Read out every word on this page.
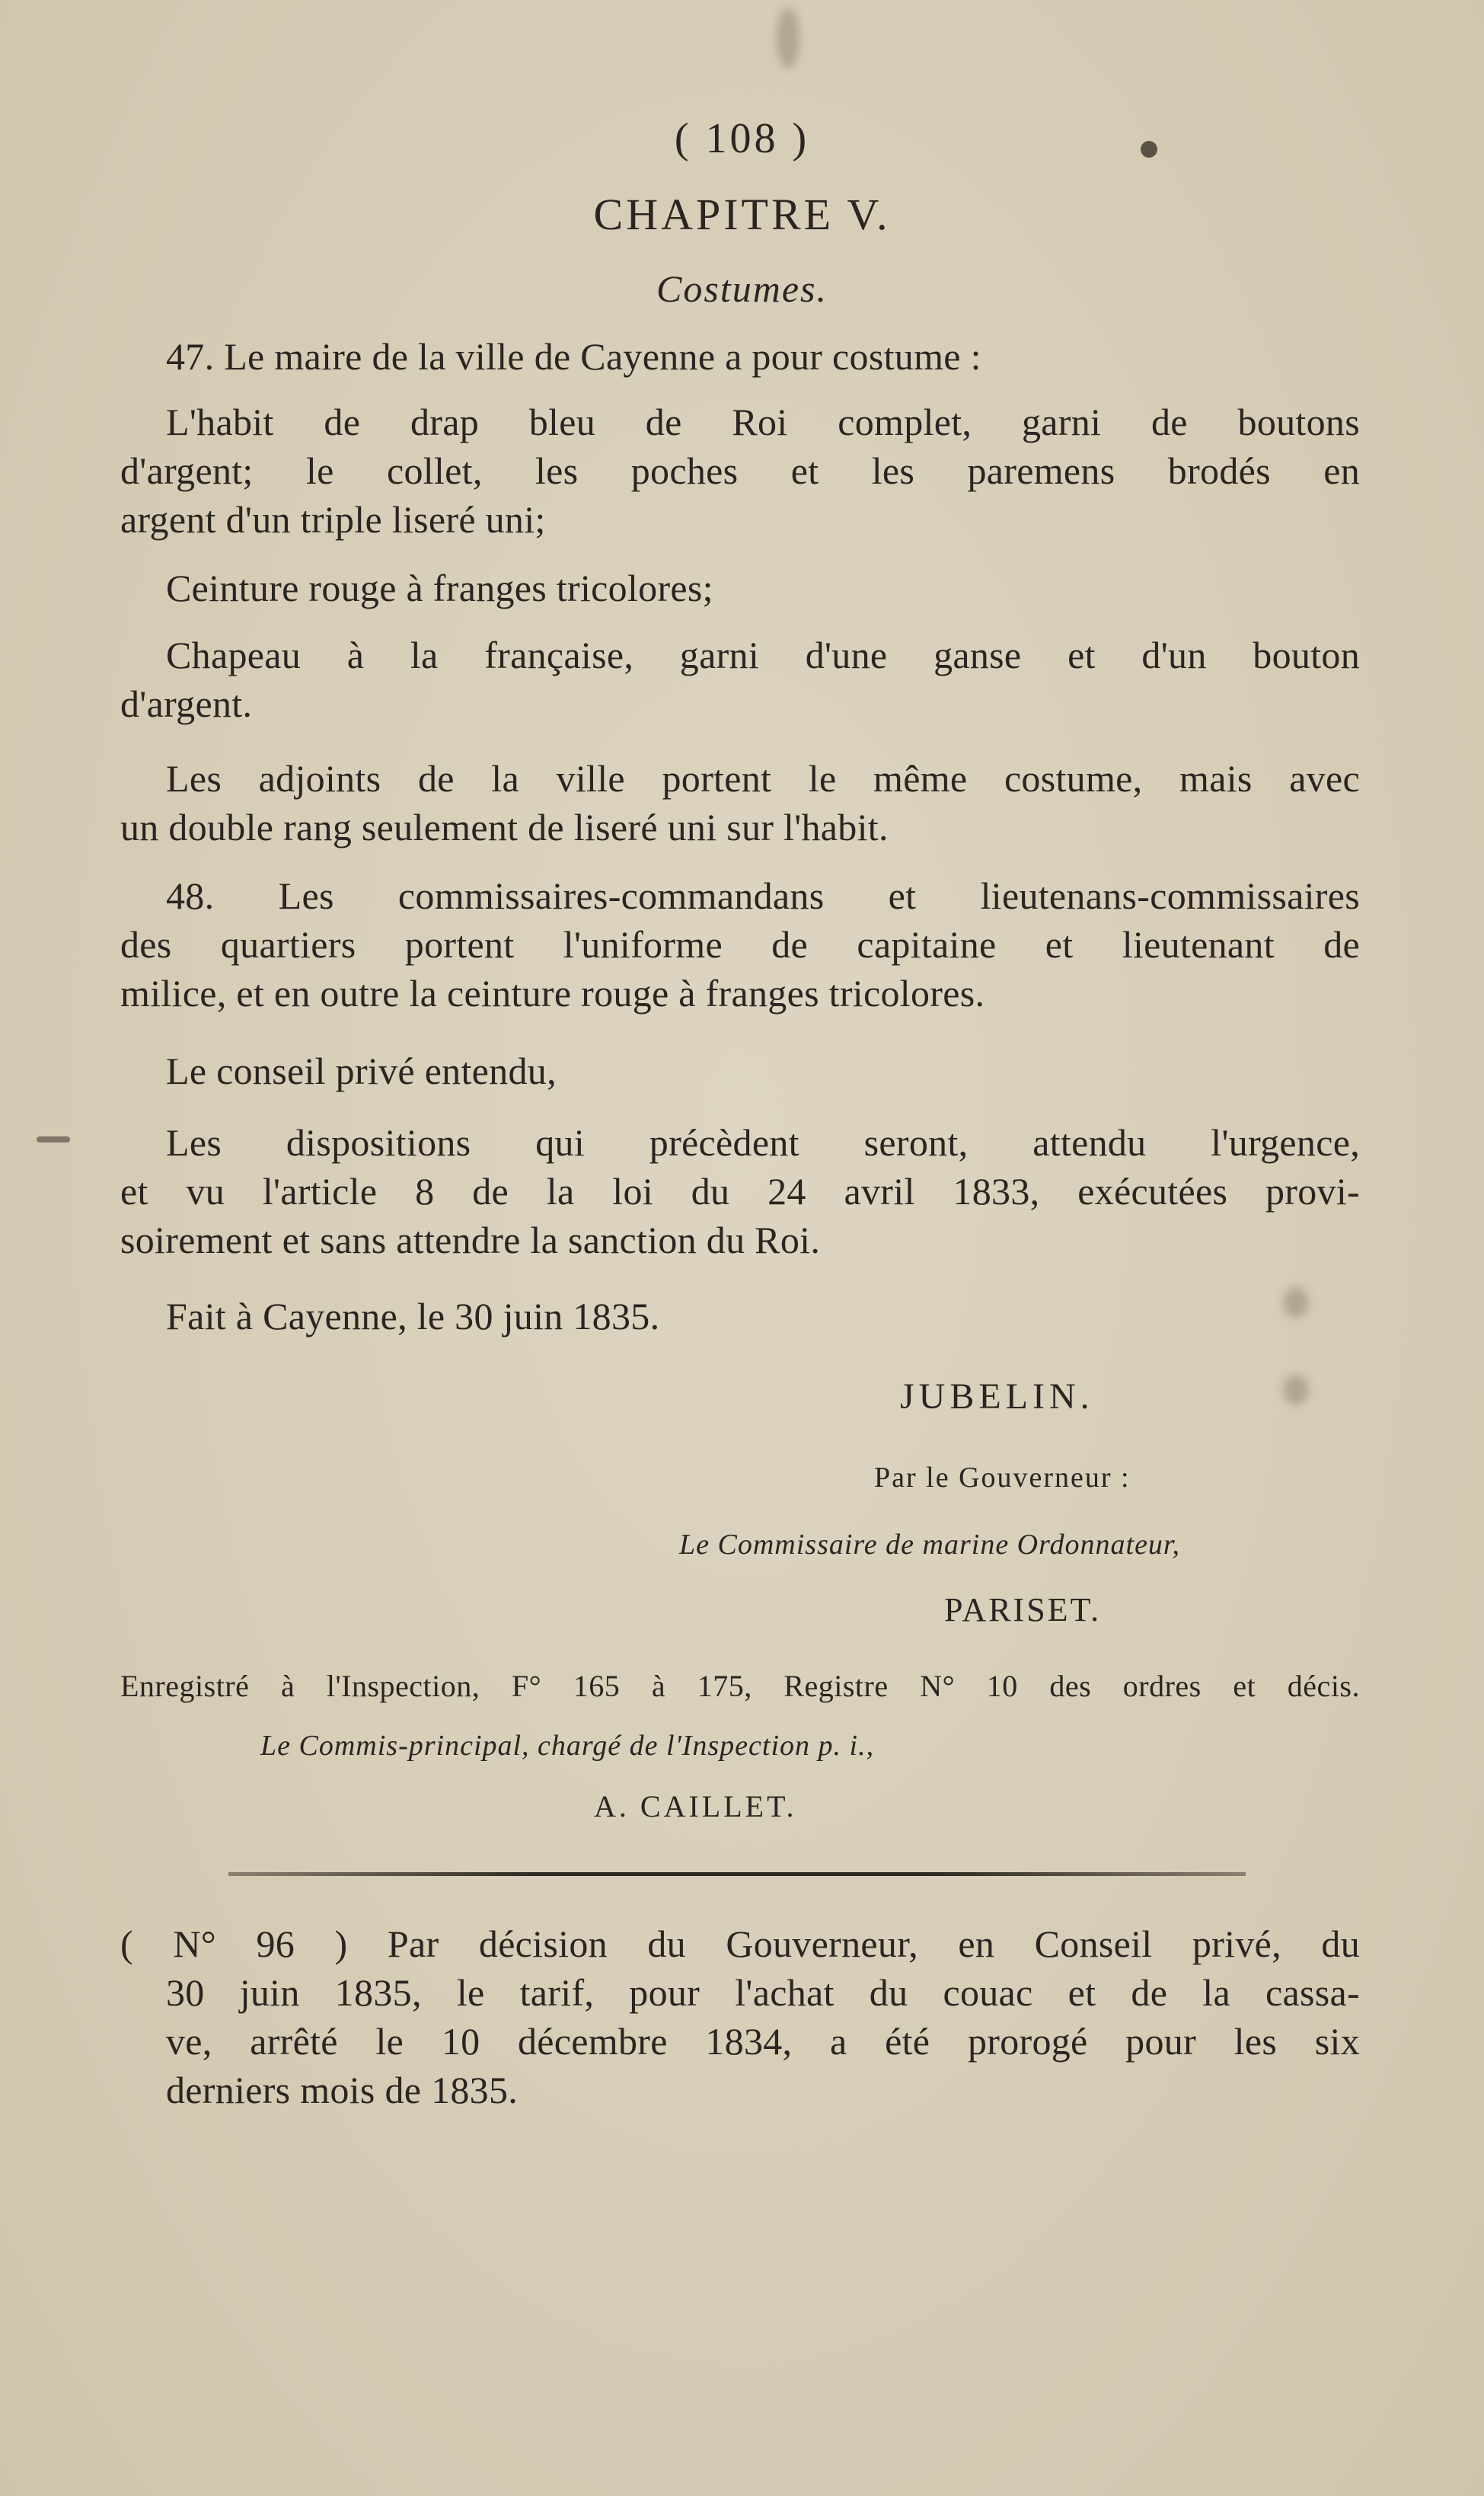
( 108 )
CHAPITRE V.
Costumes.
47. Le maire de la ville de Cayenne a pour costume :
L'habit de drap bleu de Roi complet, garni de boutons
d'argent; le collet, les poches et les paremens brodés en
argent d'un triple liseré uni;
Ceinture rouge à franges tricolores;
Chapeau à la française, garni d'une ganse et d'un bouton
d'argent.
Les adjoints de la ville portent le même costume, mais avec
un double rang seulement de liseré uni sur l'habit.
48. Les commissaires-commandans et lieutenans-commissaires
des quartiers portent l'uniforme de capitaine et lieutenant de
milice, et en outre la ceinture rouge à franges tricolores.
Le conseil privé entendu,
Les dispositions qui précèdent seront, attendu l'urgence,
et vu l'article 8 de la loi du 24 avril 1833, exécutées provi-
soirement et sans attendre la sanction du Roi.
Fait à Cayenne, le 30 juin 1835.
JUBELIN.
Par le Gouverneur :
Le Commissaire de marine Ordonnateur,
PARISET.
Enregistré à l'Inspection, F° 165 à 175, Registre N° 10 des ordres et décis.
Le Commis-principal, chargé de l'Inspection p. i.,
A. CAILLET.
( N° 96 ) Par décision du Gouverneur, en Conseil privé, du
30 juin 1835, le tarif, pour l'achat du couac et de la cassa-
ve, arrêté le 10 décembre 1834, a été prorogé pour les six
derniers mois de 1835.
